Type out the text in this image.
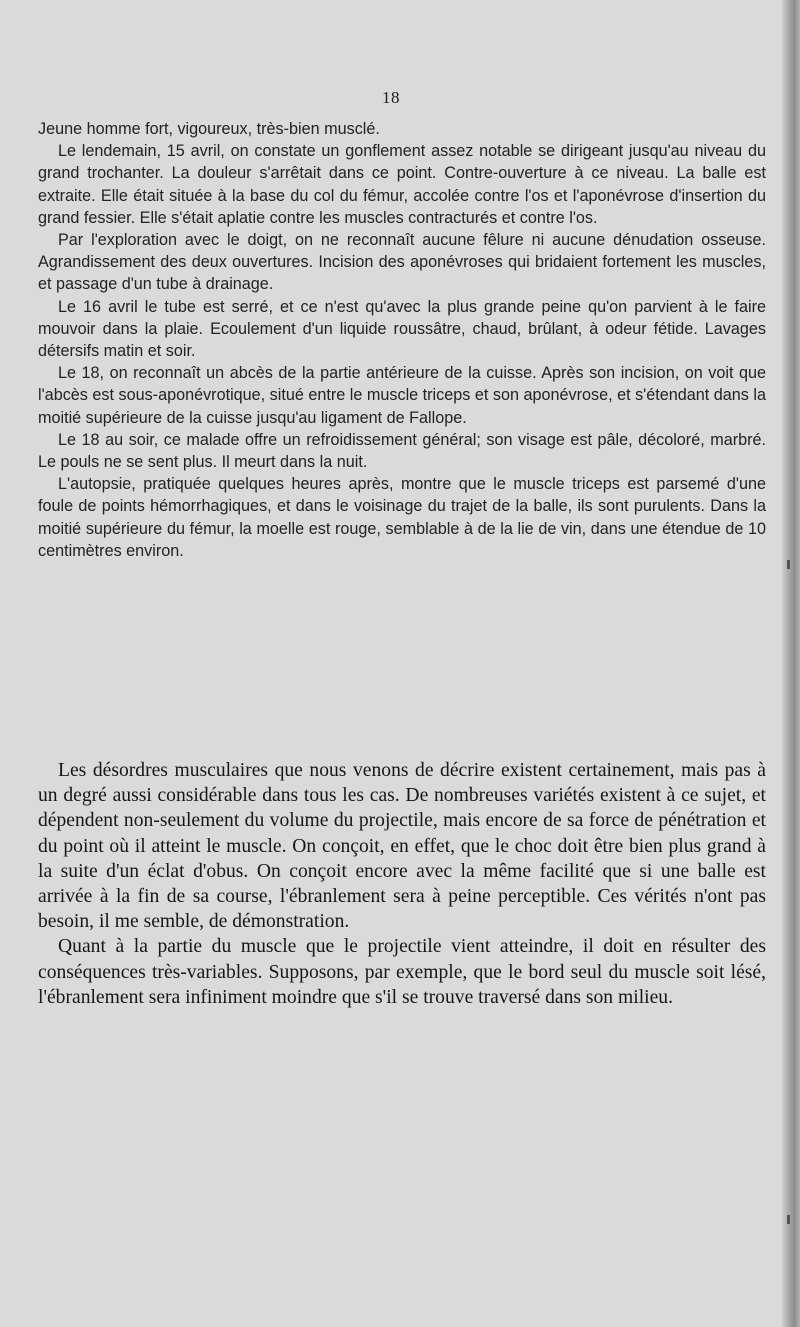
18

Jeune homme fort, vigoureux, très-bien musclé.

Le lendemain, 15 avril, on constate un gonflement assez notable se dirigeant jusqu'au niveau du grand trochanter. La douleur s'arrêtait dans ce point. Contre-ouverture à ce niveau. La balle est extraite. Elle était située à la base du col du fémur, accolée contre l'os et l'aponévrose d'insertion du grand fessier. Elle s'était aplatie contre les muscles contracturés et contre l'os.

Par l'exploration avec le doigt, on ne reconnaît aucune fêlure ni aucune dénudation osseuse. Agrandissement des deux ouvertures. Incision des aponévroses qui bridaient fortement les muscles, et passage d'un tube à drainage.

Le 16 avril le tube est serré, et ce n'est qu'avec la plus grande peine qu'on parvient à le faire mouvoir dans la plaie. Ecoulement d'un liquide roussâtre, chaud, brûlant, à odeur fétide. Lavages détersifs matin et soir.

Le 18, on reconnaît un abcès de la partie antérieure de la cuisse. Après son incision, on voit que l'abcès est sous-aponévrotique, situé entre le muscle triceps et son aponévrose, et s'étendant dans la moitié supérieure de la cuisse jusqu'au ligament de Fallope.

Le 18 au soir, ce malade offre un refroidissement général; son visage est pâle, décoloré, marbré. Le pouls ne se sent plus. Il meurt dans la nuit.

L'autopsie, pratiquée quelques heures après, montre que le muscle triceps est parsemé d'une foule de points hémorrhagiques, et dans le voisinage du trajet de la balle, ils sont purulents. Dans la moitié supérieure du fémur, la moelle est rouge, semblable à de la lie de vin, dans une étendue de 10 centimètres environ.

Les désordres musculaires que nous venons de décrire existent certainement, mais pas à un degré aussi considérable dans tous les cas. De nombreuses variétés existent à ce sujet, et dépendent non-seulement du volume du projectile, mais encore de sa force de pénétration et du point où il atteint le muscle. On conçoit, en effet, que le choc doit être bien plus grand à la suite d'un éclat d'obus. On conçoit encore avec la même facilité que si une balle est arrivée à la fin de sa course, l'ébranlement sera à peine perceptible. Ces vérités n'ont pas besoin, il me semble, de démonstration.

Quant à la partie du muscle que le projectile vient atteindre, il doit en résulter des conséquences très-variables. Supposons, par exemple, que le bord seul du muscle soit lésé, l'ébranlement sera infiniment moindre que s'il se trouve traversé dans son milieu.
